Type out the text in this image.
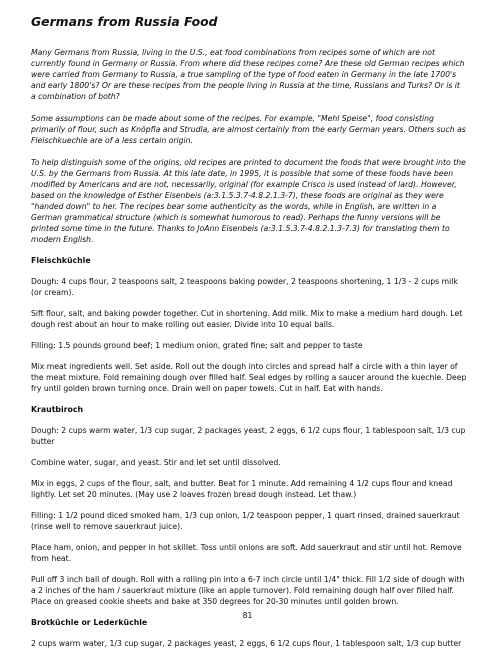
Germans from Russia Food

Many Germans from Russia, living in the U.S., eat food combinations from recipes some of which are not currently found in Germany or Russia. From where did these recipes come? Are these old German recipes which were carried from Germany to Russia, a true sampling of the type of food eaten in Germany in the late 1700's and early 1800's? Or are these recipes from the people living in Russia at the time, Russians and Turks? Or is it a combination of both?

Some assumptions can be made about some of the recipes. For example, "Mehl Speise", food consisting primarily of flour, such as Knöpfla and Strudla, are almost certainly from the early German years. Others such as Fleischkuechle are of a less certain origin.

To help distinguish some of the origins, old recipes are printed to document the foods that were brought into the U.S. by the Germans from Russia. At this late date, in 1995, it is possible that some of these foods have been modified by Americans and are not, necessarily, original (for example Crisco is used instead of lard). However, based on the knowledge of Esther Eisenbeis (a:3.1.5.3.7-4.8.2.1.3-7), these foods are original as they were "handed down" to her. The recipes bear some authenticity as the words, while in English, are written in a German grammatical structure (which is somewhat humorous to read). Perhaps the funny versions will be printed some time in the future. Thanks to JoAnn Eisenbeis (a:3.1.5.3.7-4.8.2.1.3-7.3) for translating them to modern English.

Fleischküchle

Dough: 4 cups flour, 2 teaspoons salt, 2 teaspoons baking powder, 2 teaspoons shortening, 1 1/3 - 2 cups milk (or cream).

Sift flour, salt, and baking powder together. Cut in shortening. Add milk. Mix to make a medium hard dough. Let dough rest about an hour to make rolling out easier. Divide into 10 equal balls.

Filling: 1.5 pounds ground beef; 1 medium onion, grated fine; salt and pepper to taste

Mix meat ingredients well. Set aside. Roll out the dough into circles and spread half a circle with a thin layer of the meat mixture. Fold remaining dough over filled half. Seal edges by rolling a saucer around the kuechle. Deep fry until golden brown turning once. Drain well on paper towels. Cut in half. Eat with hands.

Krautbiroch

Dough: 2 cups warm water, 1/3 cup sugar, 2 packages yeast, 2 eggs, 6 1/2 cups flour, 1 tablespoon salt, 1/3 cup butter

Combine water, sugar, and yeast. Stir and let set until dissolved.

Mix in eggs, 2 cups of the flour, salt, and butter. Beat for 1 minute. Add remaining 4 1/2 cups flour and knead lightly. Let set 20 minutes. (May use 2 loaves frozen bread dough instead. Let thaw.)

Filling: 1 1/2 pound diced smoked ham, 1/3 cup onion, 1/2 teaspoon pepper, 1 quart rinsed, drained sauerkraut (rinse well to remove sauerkraut juice).

Place ham, onion, and pepper in hot skillet. Toss until onions are soft. Add sauerkraut and stir until hot. Remove from heat.

Pull off 3 inch ball of dough. Roll with a rolling pin into a 6-7 inch circle until 1/4" thick. Fill 1/2 side of dough with a 2 inches of the ham / sauerkraut mixture (like an apple turnover). Fold remaining dough half over filled half. Place on greased cookie sheets and bake at 350 degrees for 20-30 minutes until golden brown.

Brotküchle or Lederküchle

2 cups warm water, 1/3 cup sugar, 2 packages yeast, 2 eggs, 6 1/2 cups flour, 1 tablespoon salt, 1/3 cup butter

81
